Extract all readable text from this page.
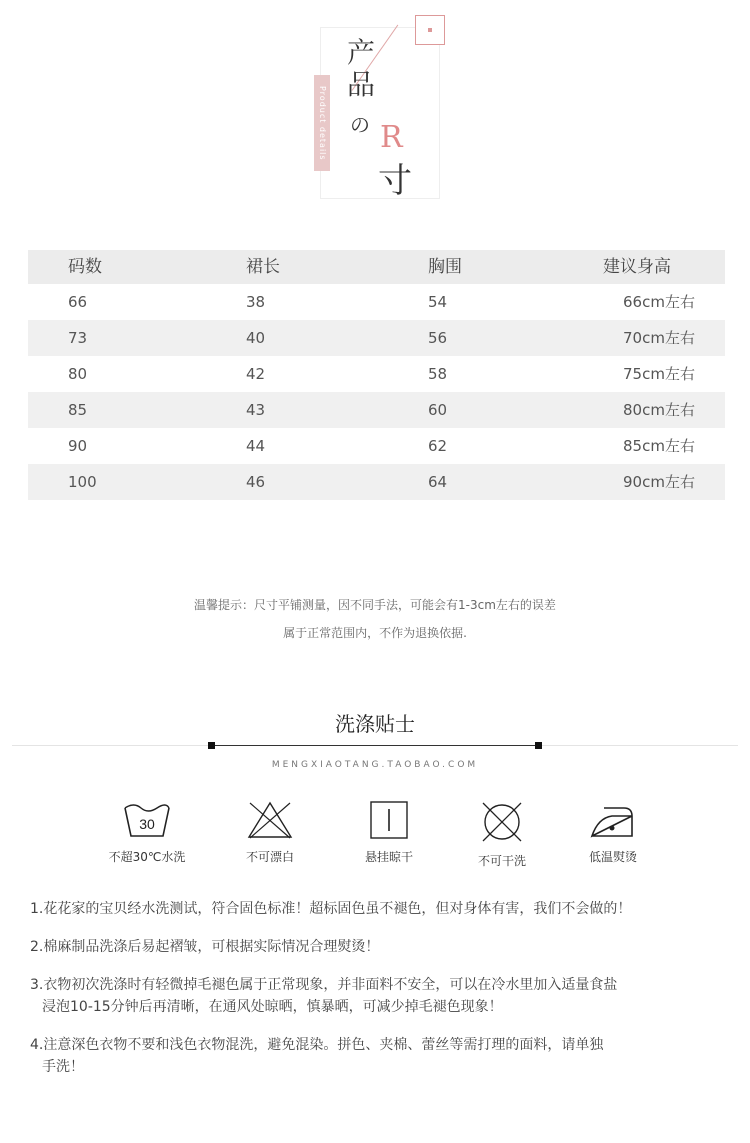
Product details
产品
の R
寸
码数	裙长	胸围	建议身高
66	38	54	66cm左右
73	40	56	70cm左右
80	42	58	75cm左右
85	43	60	80cm左右
90	44	62	85cm左右
100	46	64	90cm左右
温馨提示：尺寸平铺测量，因不同手法，可能会有1-3cm左右的误差
属于正常范围内，不作为退换依据.
洗涤贴士
MENGXIAOTANG.TAOBAO.COM
30
不超30℃水洗	不可漂白	悬挂晾干	不可干洗	低温熨烫
1.花花家的宝贝经水洗测试，符合固色标准！超标固色虽不褪色，但对身体有害，我们不会做的！
2.棉麻制品洗涤后易起褶皱，可根据实际情况合理熨烫！
3.衣物初次洗涤时有轻微掉毛褪色属于正常现象，并非面料不安全，可以在冷水里加入适量食盐
浸泡10-15分钟后再清晰，在通风处晾晒，慎暴晒，可减少掉毛褪色现象！
4.注意深色衣物不要和浅色衣物混洗，避免混染。拼色、夹棉、蕾丝等需打理的面料，请单独
手洗！
